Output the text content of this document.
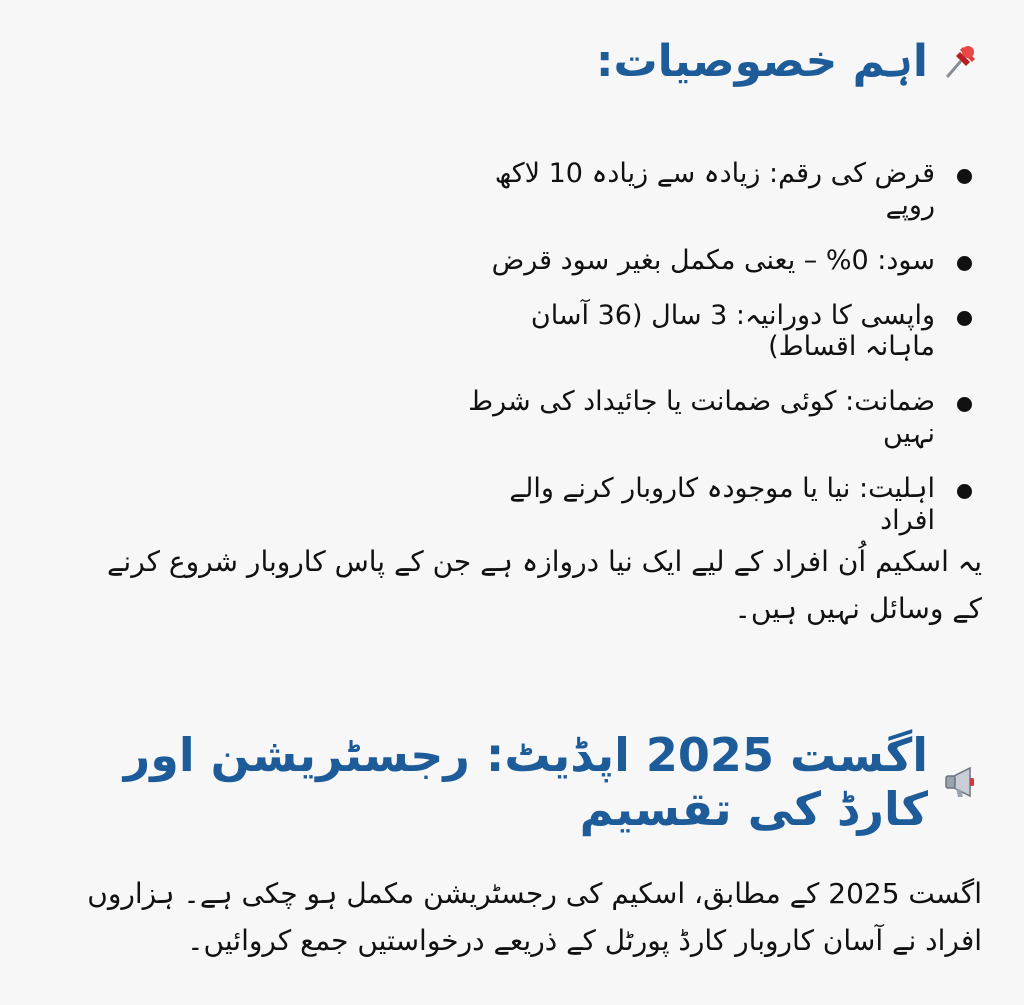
اہم خصوصیات:
قرض کی رقم: زیادہ سے زیادہ 10 لاکھ روپے
سود: 0% – یعنی مکمل بغیر سود قرض
واپسی کا دورانیہ: 3 سال (36 آسان ماہانہ اقساط)
ضمانت: کوئی ضمانت یا جائیداد کی شرط نہیں
اہلیت: نیا یا موجودہ کاروبار کرنے والے افراد

یہ اسکیم اُن افراد کے لیے ایک نیا دروازہ ہے جن کے پاس کاروبار شروع کرنے کے وسائل نہیں ہیں۔

اگست 2025 اپڈیٹ: رجسٹریشن اور کارڈ کی تقسیم

اگست 2025 کے مطابق، اسکیم کی رجسٹریشن مکمل ہو چکی ہے۔ ہزاروں افراد نے آسان کاروبار کارڈ پورٹل کے ذریعے درخواستیں جمع کروائیں۔
